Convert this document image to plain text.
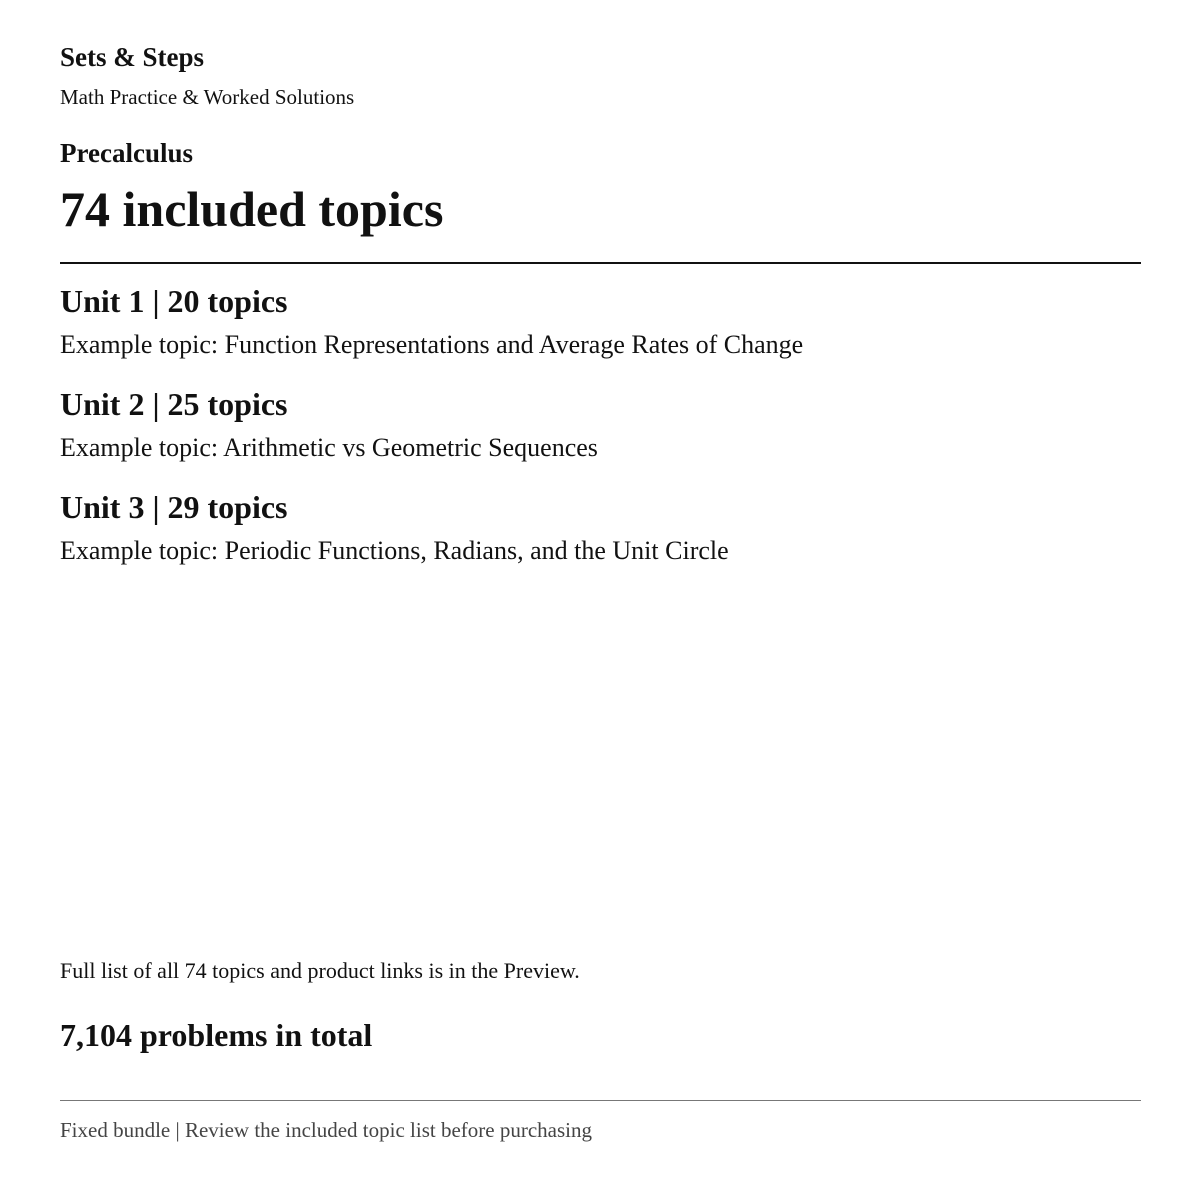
Sets & Steps
Math Practice & Worked Solutions
Precalculus
74 included topics
Unit 1 | 20 topics
Example topic: Function Representations and Average Rates of Change
Unit 2 | 25 topics
Example topic: Arithmetic vs Geometric Sequences
Unit 3 | 29 topics
Example topic: Periodic Functions, Radians, and the Unit Circle
Full list of all 74 topics and product links is in the Preview.
7,104 problems in total
Fixed bundle | Review the included topic list before purchasing
